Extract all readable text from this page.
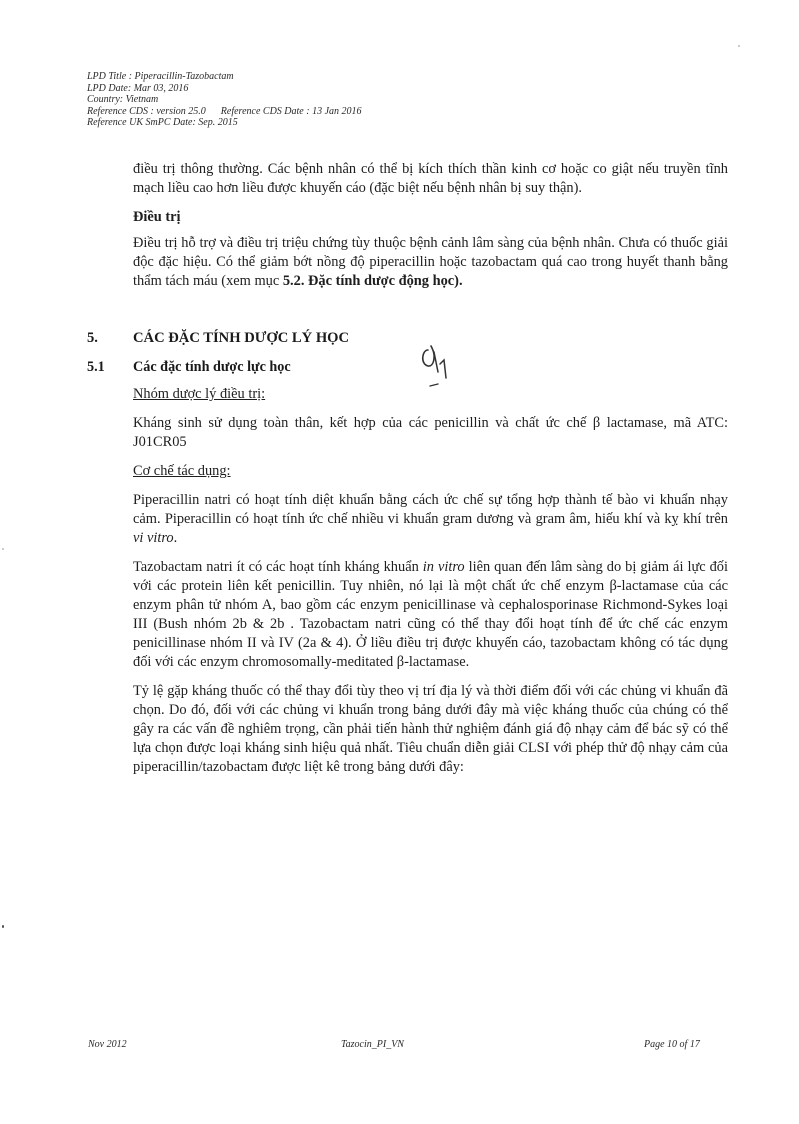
LPD Title : Piperacillin-Tazobactam
LPD Date: Mar 03, 2016
Country: Vietnam
Reference CDS : version 25.0 Reference CDS Date : 13 Jan 2016
Reference UK SmPC Date: Sep. 2015

điều trị thông thường. Các bệnh nhân có thể bị kích thích thần kinh cơ hoặc co giật nếu truyền tĩnh mạch liều cao hơn liều được khuyến cáo (đặc biệt nếu bệnh nhân bị suy thận).

Điều trị

Điều trị hỗ trợ và điều trị triệu chứng tùy thuộc bệnh cảnh lâm sàng của bệnh nhân. Chưa có thuốc giải độc đặc hiệu. Có thể giảm bớt nồng độ piperacillin hoặc tazobactam quá cao trong huyết thanh bằng thẩm tách máu (xem mục 5.2. Đặc tính dược động học).

5. CÁC ĐẶC TÍNH DƯỢC LÝ HỌC
5.1 Các đặc tính dược lực học

Nhóm dược lý điều trị:

Kháng sinh sử dụng toàn thân, kết hợp của các penicillin và chất ức chế β lactamase, mã ATC: J01CR05

Cơ chế tác dụng:

Piperacillin natri có hoạt tính diệt khuẩn bằng cách ức chế sự tổng hợp thành tế bào vi khuẩn nhạy cảm. Piperacillin có hoạt tính ức chế nhiều vi khuẩn gram dương và gram âm, hiếu khí và kỵ khí trên vi vitro.

Tazobactam natri ít có các hoạt tính kháng khuẩn in vitro liên quan đến lâm sàng do bị giảm ái lực đối với các protein liên kết penicillin. Tuy nhiên, nó lại là một chất ức chế enzym β-lactamase của các enzym phân tử nhóm A, bao gồm các enzym penicillinase và cephalosporinase Richmond-Sykes loại III (Bush nhóm 2b & 2b . Tazobactam natri cũng có thể thay đổi hoạt tính để ức chế các enzym penicillinase nhóm II và IV (2a & 4). Ở liều điều trị được khuyến cáo, tazobactam không có tác dụng đối với các enzym chromosomally-meditated β-lactamase.

Tỷ lệ gặp kháng thuốc có thể thay đổi tùy theo vị trí địa lý và thời điểm đối với các chủng vi khuẩn đã chọn. Do đó, đối với các chủng vi khuẩn trong bảng dưới đây mà việc kháng thuốc của chúng có thể gây ra các vấn đề nghiêm trọng, cần phải tiến hành thử nghiệm đánh giá độ nhạy cảm để bác sỹ có thể lựa chọn được loại kháng sinh hiệu quả nhất. Tiêu chuẩn diễn giải CLSI với phép thử độ nhạy cảm của piperacillin/tazobactam được liệt kê trong bảng dưới đây:

Nov 2012	Tazocin_PI_VN	Page 10 of 17
